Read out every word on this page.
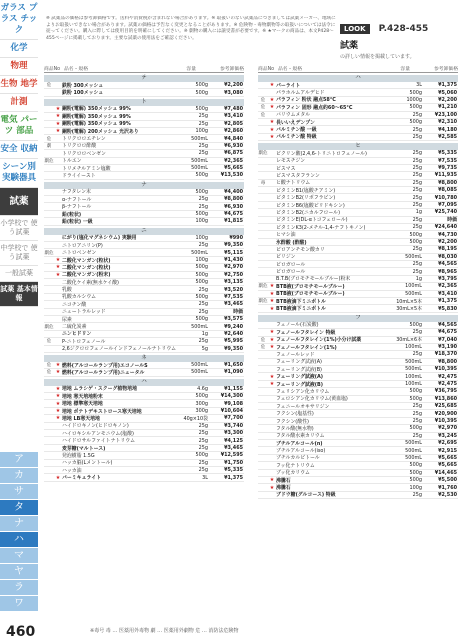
ガラス プラス チック
化学
物理
生物 地学
計測
電気 パーツ 部品
安全 収納
シーン別 実験器具
試薬
小学校で 使う試薬
中学校で 使う試薬
一般試薬
試薬 基本情報
ア
カ
サ
タ
ナ
ハ
マ
ヤ
ラ
ワ
460
※ 試薬品の価格は参考卸価格です。送料や消費税が含まれない場合があります。※ 取扱いのない試薬品につきましては試薬メーカー、地域によりお取扱いできない場合があります。試薬の価格は予告なく変更となることがあります。※ 危険物・毒物劇物等の取扱いについては法令に従ってください。購入に際しては使用目的を明確にしてください。※ 劇物の購入には譲受書が必要です。※ ★マークの商品は、本文P428〜455ページに掲載しております。主要な試薬の使用法をご確認ください。
LOOK P.428-455
試薬
の詳しい情報を掲載しています。
商品No 品名・規格	容量	参考卸価格
テ
危	鉄粉 300メッシュ	500g	¥2,200
鉄粉 100メッシュ	500g	¥3,080
ト
★ 銅粉(電解) 350メッシュ 99%	500g	¥7,480
★ 銅粉(電解) 350メッシュ 99%	25g	¥3,410
★ 銅粉(電解) 350メッシュ 99%	25g	¥2,805
★ 銅粉(電解) 200メッシュ 光沢あり	100g	¥2,860
危	トリクロロエチレン	500mL	¥4,840
劇	トリクロロ酢酸	25g	¥6,930
トリクロロベンゼン	25g	¥6,875
劇危 トルエン	500mL	¥2,365
トリメチルアミン塩酸	500mL	¥5,665
ドライイースト	500g	¥13,530
ナ
ナフタレン末	500g	¥4,400
α-ナフトール	25g	¥8,800
β-ナフトール	25g	¥6,930
鉛(粒状)	500g	¥4,675
鉛(粒状) 一級	100g	¥1,815
ニ
にがり(塩化マグネシウム) 実験用	100g	¥990
ニトロアニリン(P)	25g	¥9,350
劇危 ニトロベンゼン	500mL	¥5,115
★ 二酸化マンガン(粒状)	100g	¥1,430
★ 二酸化マンガン(粒状)	500g	¥2,970
★ 二酸化マンガン(粉末)	500g	¥2,750
二酸化ケイ素(無水ケイ酸)	500g	¥3,135
乳酸	25g	¥3,520
乳酸カルシウム	500g	¥7,535
ニコチン酸	25g	¥3,465
ニュートラルレッド	25g	時価
尿素	500g	¥3,575
劇危 二硫化炭素	500mL	¥9,240
ニンヒドリン	1g	¥2,640
危	P-ニトロフェノール	25g	¥5,995
2,6ジクロロフェノールインドフェノールナトリウム	5g	¥9,350
ネ
危 ★ 燃料(アルコールランプ用)エコノールS	500mL	¥1,650
危 ★ 燃料(アルコールランプ用)ニュータル	500mL	¥1,090
ハ
★ 培地 ムラシゲ・スクーグ植物培地	4.6g	¥1,155
★ 培地 寒天培地粉末	500g	¥14,300
★ 培地 標準寒天培地	300g	¥9,108
★ 培地 ポテトデキストロース寒天培地	300g	¥10,604
★ 培地 LB寒天培地	40g×10袋	¥7,700
ハイドロキノン(ヒドロキノン)	25g	¥3,740
ハイロキシルアンモニウム(塩酸)	25g	¥3,300
ハイドロサルファイトナトリウム	25g	¥4,125
麦芽糖(マルトース)	25g	¥3,465
発泡樹脂 1.5G	500g	¥12,595
ハッカ脳(Lメントール)	25g	¥1,750
ハッカ油	25g	¥5,335
★ バーミキュライト	3L	¥1,375
商品No 品名・規格	容量	参考卸価格
ハ
★ パーライト	3L	¥1,375
パラホルムアルデヒド	500g	¥5,060
危 ★ パラフィン 粉状 融点58°C	1000g	¥2,200
危 ★ パラフィン 固形 融点約60〜65°C	500g	¥1,210
危	バリウムメタル	25g	¥23,100
★ 長いいえデンプン	500g	¥2,310
★ バルミチン酸 一級	25g	¥4,180
★ バルミチン酸 特級	25g	¥2,585
ヒ
劇危 ピクリン酸(2,4,6-トリニトロフェノール)	25g	¥5,335
レモスチジン	25g	¥7,535
ピスマス	25g	¥9,735
ビスマスタフランン	25g	¥11,935
毒	ヒ酸ナトリウム	25g	¥8,800
ビタミンB1(塩酸チアミン)	25g	¥8,085
ビタミンB2(リボフラビン)	25g	¥10,780
ビタミンB6(塩酸ピリドキシン)	25g	¥7,095
ビタミンB2(ニカルフロール)	1g	¥25,740
ビタミンE(DL-αトコフェロール)	25g	時価
ビタミンK3(2-メチル-1,4-ナフトキノン)	25g	¥24,640
ヒマシ油	500g	¥4,730
氷酢酸 (酢酸)	500g	¥2,200
ピロアンチモン酸カリ	25g	¥8,195
ピリジン	500mL	¥8,030
ピロガロール	25g	¥4,565
ピロガロール	25g	¥8,965
B.T.B(ブロモチモールブルー)粉末	1g	¥3,795
劇危 ★ BTB液(ブロモチモールブルー)	100mL	¥2,365
★ BTB液(ブロモチモールブルー)	500mL	¥3,410
劇危 ★ BTB液滴下ミニボトル	10mL×5本	¥1,375
★ BTB液滴下ミニボトル	30mL×5本	¥5,830
フ
フェノール(石炭酸)	500g	¥4,565
★ フェノールフタレイン 特級	25g	¥4,675
危 ★ フェノールフタレイン(1%)小分け試薬	30mL×6本	¥7,040
危 ★ フェノールフタレイン(1%)	100mL	¥3,190
フェノールレッド	25g	¥18,370
フェーリング試液(A)	500mL	¥8,800
フェーリング試液(B)	500mL	¥10,395
★ フェーリング試液(A)	100mL	¥2,475
★ フェーリング試液(B)	100mL	¥2,475
フェリシアン化カリウム	500g	¥36,795
フェロシアン化カリウム(黄血塩)	500g	¥13,860
フェニールオキサリジン	25g	¥25,685
フクシン(塩基性)	25g	¥20,900
フクシン(酸性)	25g	¥10,395
フタル酸(無水物)	500g	¥2,970
フタル酸水素カリウム	25g	¥3,245
ブチルアルコール(n)	500mL	¥2,695
ブチルアルコール(iso)	500mL	¥2,915
ブチルカルビトール	500mL	¥5,665
フッ化ナトリウム	500g	¥5,665
ブッ化カリウム	500g	¥14,465
★ 沸騰石	500g	¥5,500
★ 沸騰石	100g	¥1,760
ブドウ糖(グルコース) 特級	25g	¥2,530
※毒号 毒 … 医薬用外毒物 劇 … 医薬用外劇物 危 … 消防法危険物
